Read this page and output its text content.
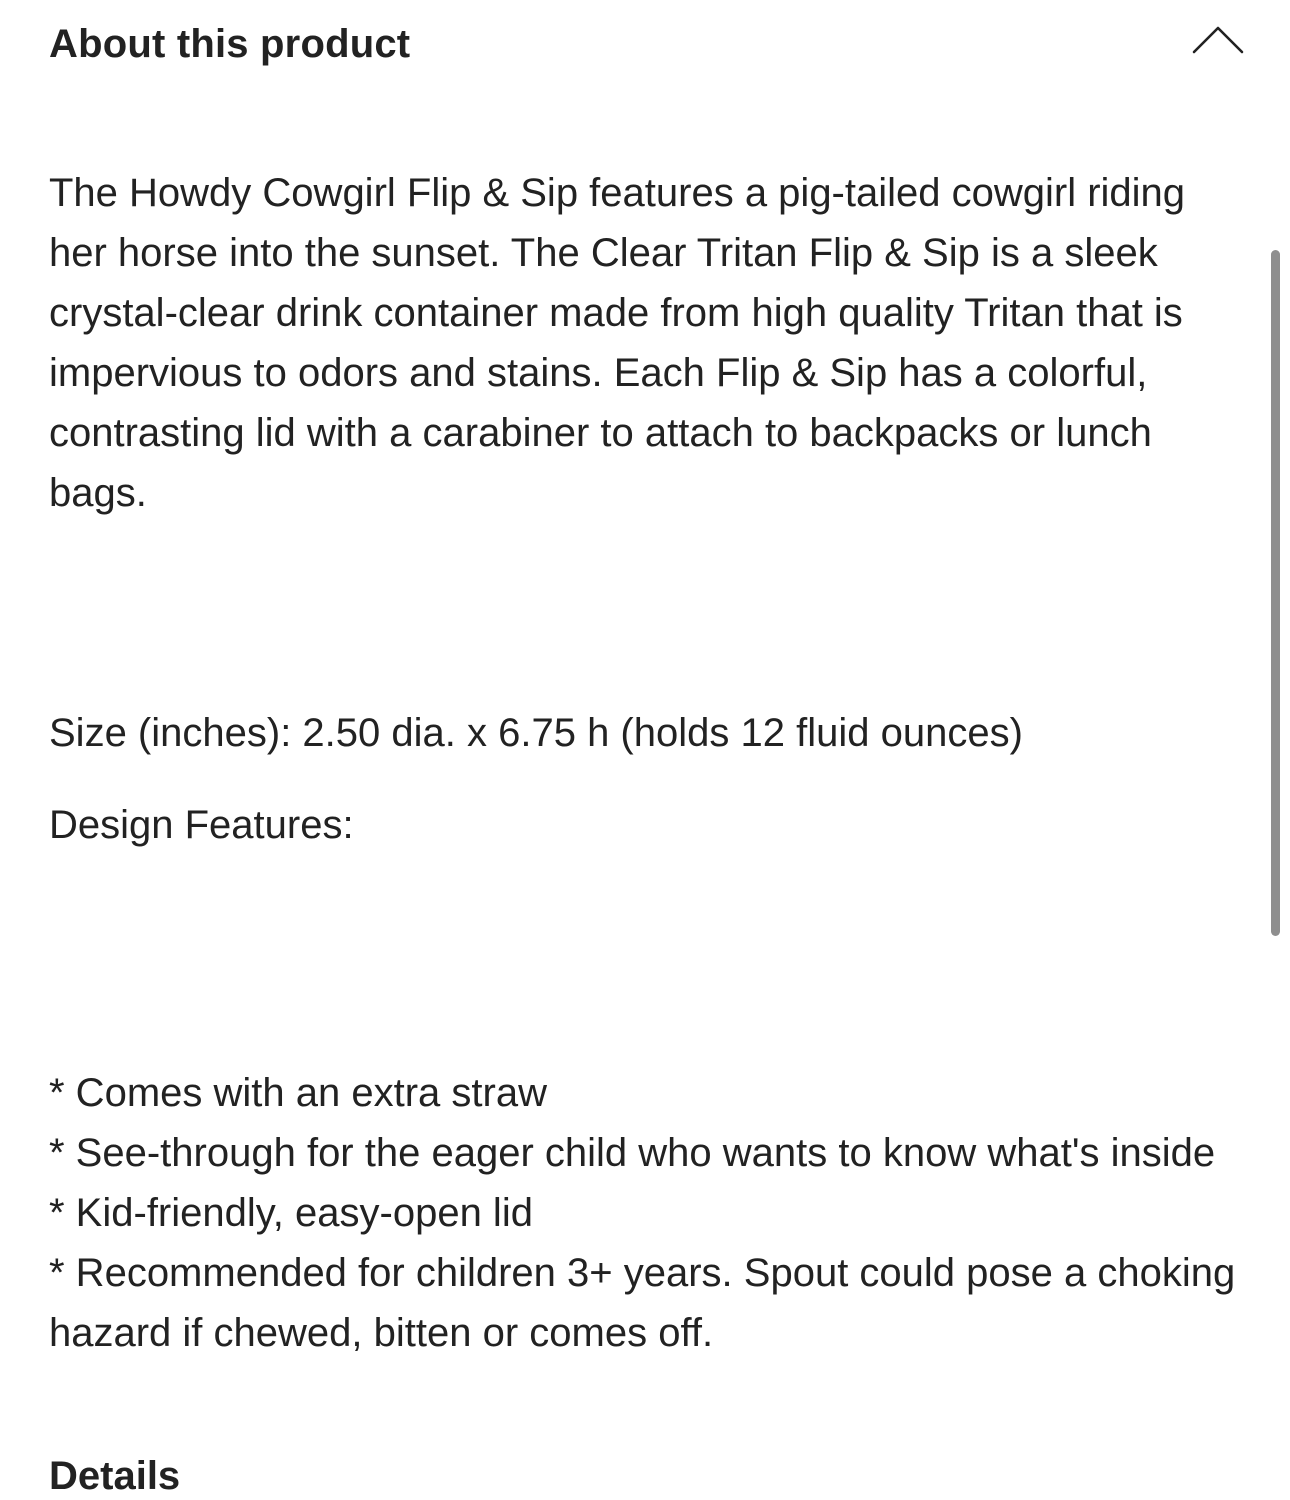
About this product

The Howdy Cowgirl Flip & Sip features a pig-tailed cowgirl riding her horse into the sunset. The Clear Tritan Flip & Sip is a sleek crystal-clear drink container made from high quality Tritan that is impervious to odors and stains. Each Flip & Sip has a colorful, contrasting lid with a carabiner to attach to backpacks or lunch bags.

Size (inches): 2.50 dia. x 6.75 h (holds 12 fluid ounces)

Design Features:

* Comes with an extra straw
* See-through for the eager child who wants to know what's inside
* Kid-friendly, easy-open lid
* Recommended for children 3+ years. Spout could pose a choking hazard if chewed, bitten or comes off.
Details
